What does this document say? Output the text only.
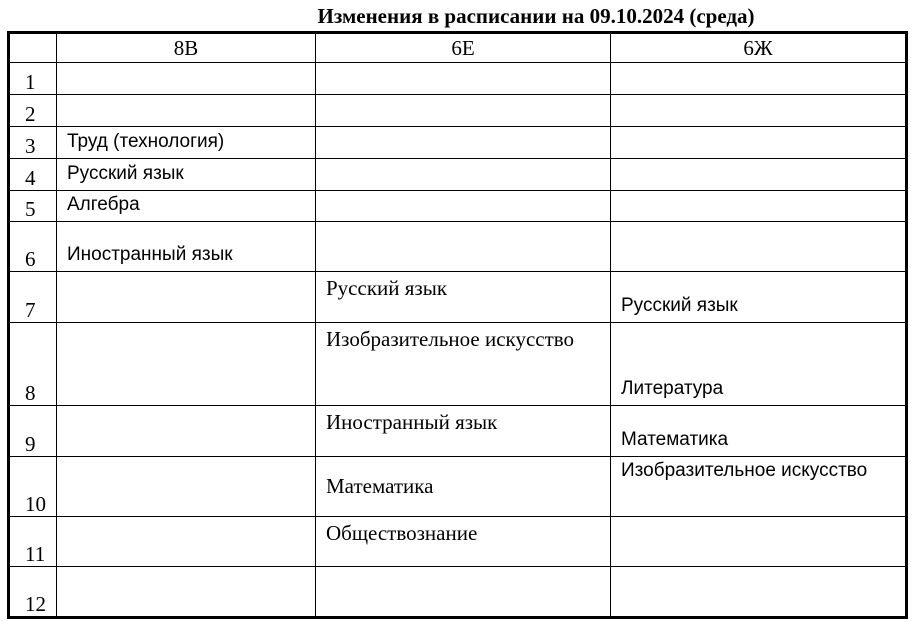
Изменения в расписании на 09.10.2024 (среда)
	8В	6Е	6Ж
1			
2			
3	Труд (технология)		
4	Русский язык		
5	Алгебра		
6	Иностранный язык		
7		Русский язык	Русский язык
8		Изобразительное искусство	Литература
9		Иностранный язык	Математика
10		Математика	Изобразительное искусство
11		Обществознание	
12			
